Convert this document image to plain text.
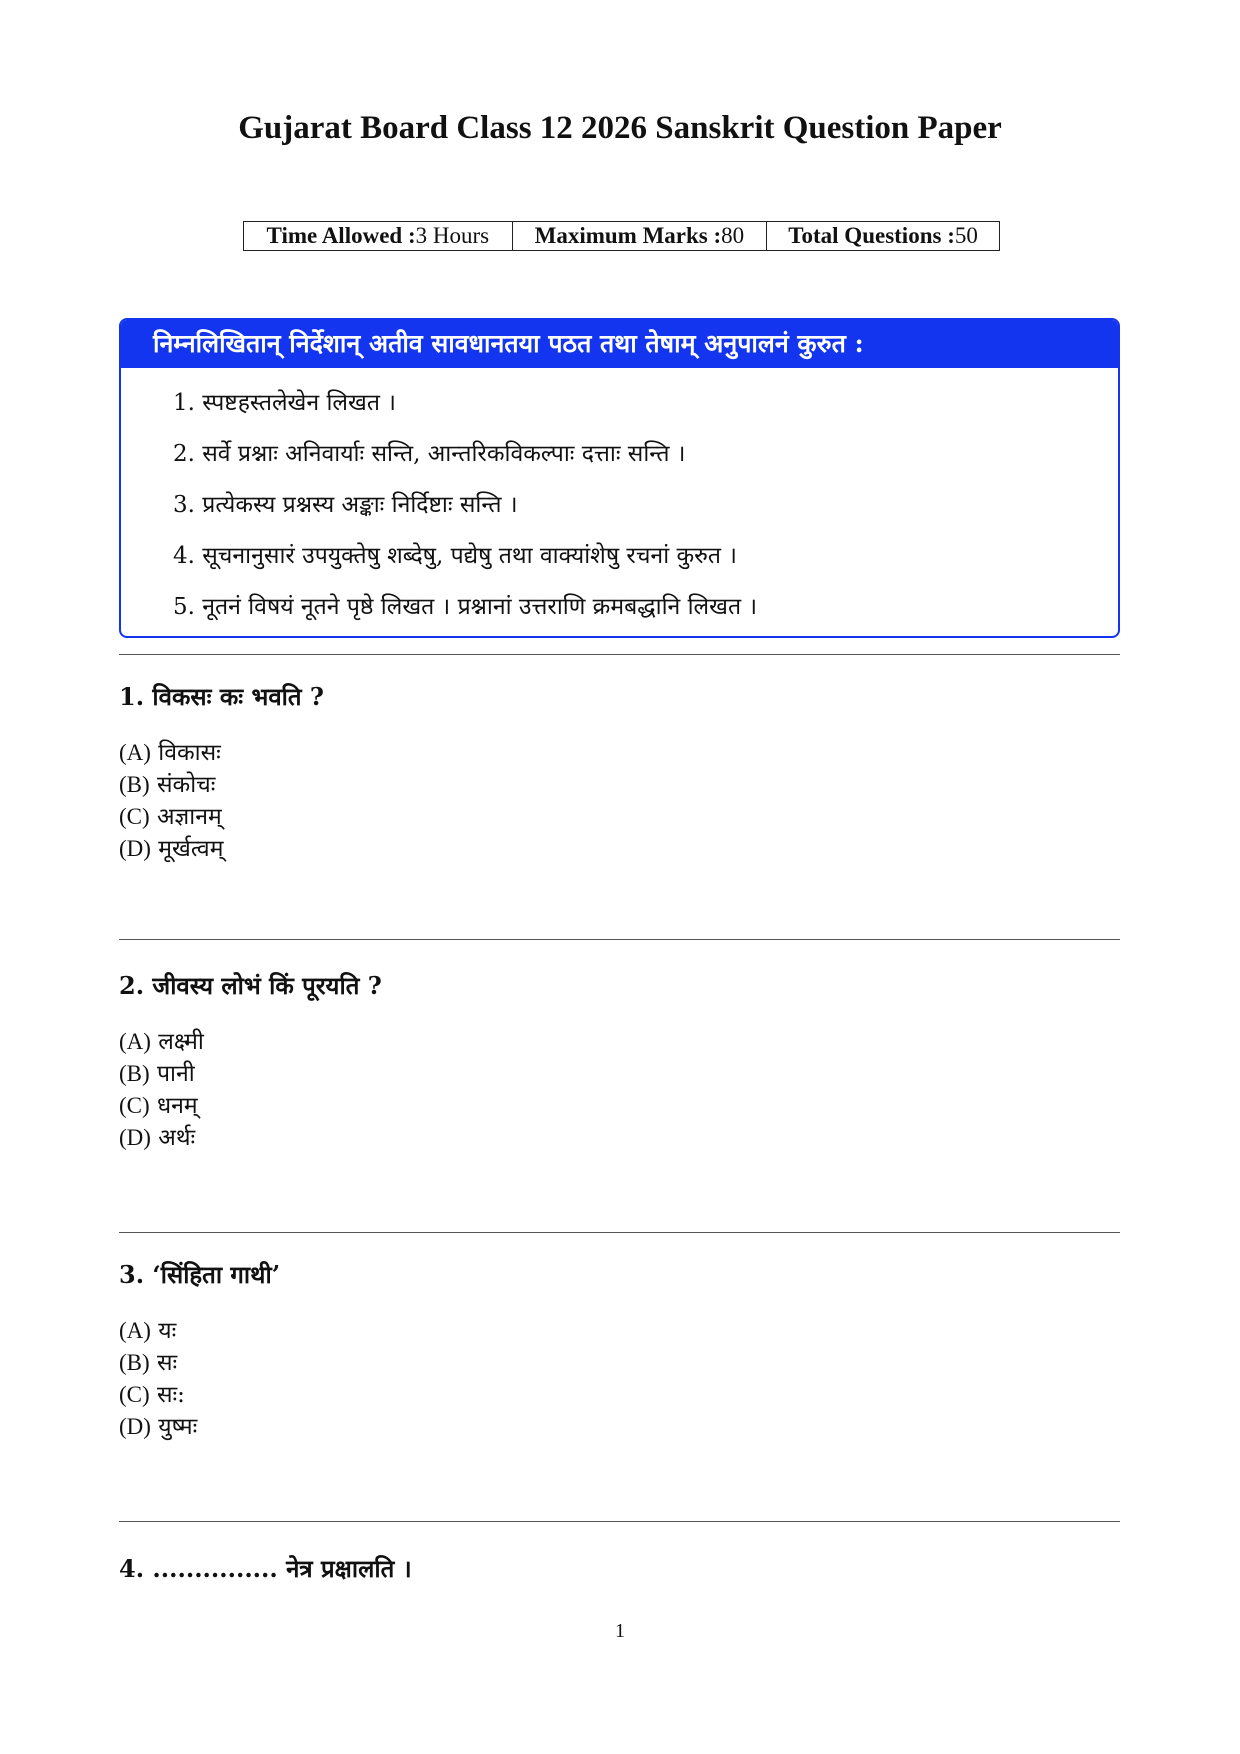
Gujarat Board Class 12 2026 Sanskrit Question Paper
Time Allowed :3 Hours	Maximum Marks :80	Total Questions :50
निम्नलिखितान् निर्देशान् अतीव सावधानतया पठत तथा तेषाम् अनुपालनं कुरुत :
1. स्पष्टहस्तलेखेन लिखत ।
2. सर्वे प्रश्नाः अनिवार्याः सन्ति, आन्तरिकविकल्पाः दत्ताः सन्ति ।
3. प्रत्येकस्य प्रश्नस्य अङ्काः निर्दिष्टाः सन्ति ।
4. सूचनानुसारं उपयुक्तेषु शब्देषु, पद्येषु तथा वाक्यांशेषु रचनां कुरुत ।
5. नूतनं विषयं नूतने पृष्ठे लिखत । प्रश्नानां उत्तराणि क्रमबद्धानि लिखत ।

1. विकसः कः भवति ?

(A) विकासः
(B) संकोचः
(C) अज्ञानम्
(D) मूर्खत्वम्

2. जीवस्य लोभं किं पूरयति ?

(A) लक्ष्मी
(B) पानी
(C) धनम्
(D) अर्थः

3. ‘सिंहिता गाथी’

(A) यः
(B) सः
(C) सः:
(D) युष्मः

4. ............... नेत्र प्रक्षालति ।

1
